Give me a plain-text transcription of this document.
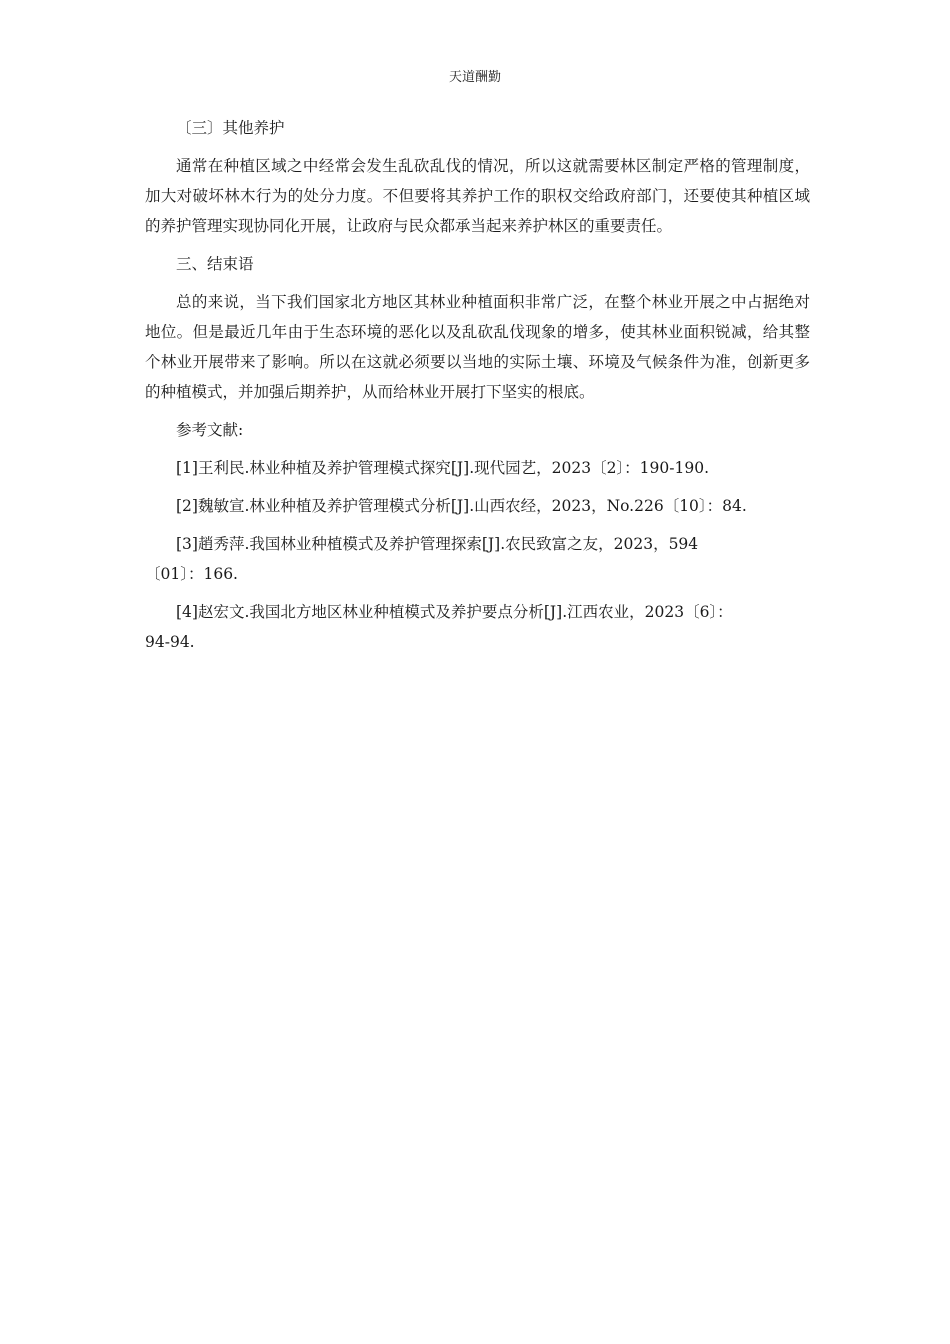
天道酬勤

〔三〕其他养护

通常在种植区域之中经常会发生乱砍乱伐的情况，所以这就需要林区制定严格的管理制度，加大对破坏林木行为的处分力度。不但要将其养护工作的职权交给政府部门，还要使其种植区域的养护管理实现协同化开展，让政府与民众都承当起来养护林区的重要责任。

三、结束语

总的来说，当下我们国家北方地区其林业种植面积非常广泛，在整个林业开展之中占据绝对地位。但是最近几年由于生态环境的恶化以及乱砍乱伐现象的增多，使其林业面积锐减，给其整个林业开展带来了影响。所以在这就必须要以当地的实际土壤、环境及气候条件为准，创新更多的种植模式，并加强后期养护，从而给林业开展打下坚实的根底。

参考文献:

[1]王利民.林业种植及养护管理模式探究[J].现代园艺，2023〔2〕：190-190.
[2]魏敏宣.林业种植及养护管理模式分析[J].山西农经，2023，No.226〔10〕：84.
[3]趙秀萍.我国林业种植模式及养护管理探索[J].农民致富之友，2023，594
〔01〕：166.
[4]赵宏文.我国北方地区林业种植模式及养护要点分析[J].江西农业，2023〔6〕：
94-94.
